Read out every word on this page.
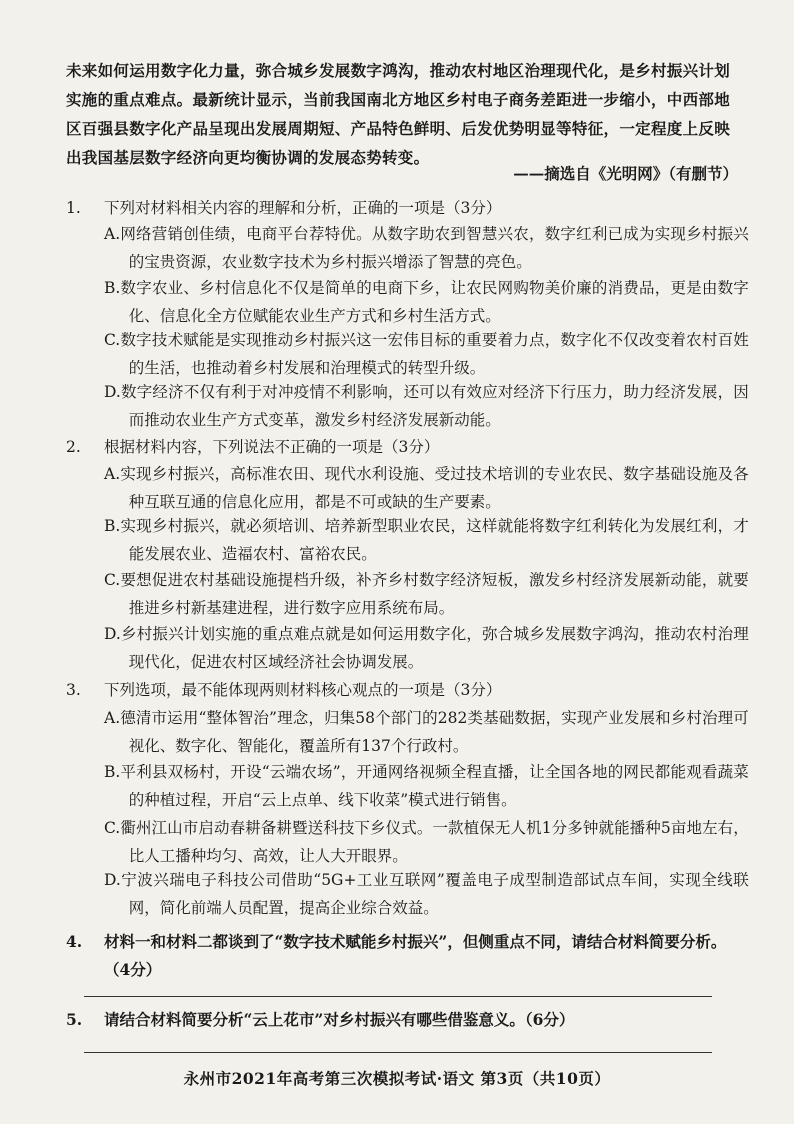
未来如何运用数字化力量，弥合城乡发展数字鸿沟，推动农村地区治理现代化，是乡村振兴计划实施的重点难点。最新统计显示，当前我国南北方地区乡村电子商务差距进一步缩小，中西部地区百强县数字化产品呈现出发展周期短、产品特色鲜明、后发优势明显等特征，一定程度上反映出我国基层数字经济向更均衡协调的发展态势转变。
——摘选自《光明网》（有删节）
1. 下列对材料相关内容的理解和分析，正确的一项是（3分）
A.网络营销创佳绩，电商平台荐特优。从数字助农到智慧兴农，数字红利已成为实现乡村振兴的宝贵资源，农业数字技术为乡村振兴增添了智慧的亮色。
B.数字农业、乡村信息化不仅是简单的电商下乡，让农民网购物美价廉的消费品，更是由数字化、信息化全方位赋能农业生产方式和乡村生活方式。
C.数字技术赋能是实现推动乡村振兴这一宏伟目标的重要着力点，数字化不仅改变着农村百姓的生活，也推动着乡村发展和治理模式的转型升级。
D.数字经济不仅有利于对冲疫情不利影响，还可以有效应对经济下行压力，助力经济发展，因而推动农业生产方式变革，激发乡村经济发展新动能。
2. 根据材料内容，下列说法不正确的一项是（3分）
A.实现乡村振兴，高标准农田、现代水利设施、受过技术培训的专业农民、数字基础设施及各种互联互通的信息化应用，都是不可或缺的生产要素。
B.实现乡村振兴，就必须培训、培养新型职业农民，这样就能将数字红利转化为发展红利，才能发展农业、造福农村、富裕农民。
C.要想促进农村基础设施提档升级，补齐乡村数字经济短板，激发乡村经济发展新动能，就要推进乡村新基建进程，进行数字应用系统布局。
D.乡村振兴计划实施的重点难点就是如何运用数字化，弥合城乡发展数字鸿沟，推动农村治理现代化，促进农村区域经济社会协调发展。
3. 下列选项，最不能体现两则材料核心观点的一项是（3分）
A.德清市运用“整体智治”理念，归集58个部门的282类基础数据，实现产业发展和乡村治理可视化、数字化、智能化，覆盖所有137个行政村。
B.平利县双杨村，开设“云端农场”，开通网络视频全程直播，让全国各地的网民都能观看蔬菜的种植过程，开启“云上点单、线下收菜”模式进行销售。
C.衢州江山市启动春耕备耕暨送科技下乡仪式。一款植保无人机1分多钟就能播种5亩地左右，比人工播种均匀、高效，让人大开眼界。
D.宁波兴瑞电子科技公司借助“5G+工业互联网”覆盖电子成型制造部试点车间，实现全线联网，简化前端人员配置，提高企业综合效益。
4. 材料一和材料二都谈到了“数字技术赋能乡村振兴”，但侧重点不同，请结合材料简要分析。（4分）
5. 请结合材料简要分析“云上花市”对乡村振兴有哪些借鉴意义。（6分）
永州市2021年高考第三次模拟考试·语文 第3页（共10页）
